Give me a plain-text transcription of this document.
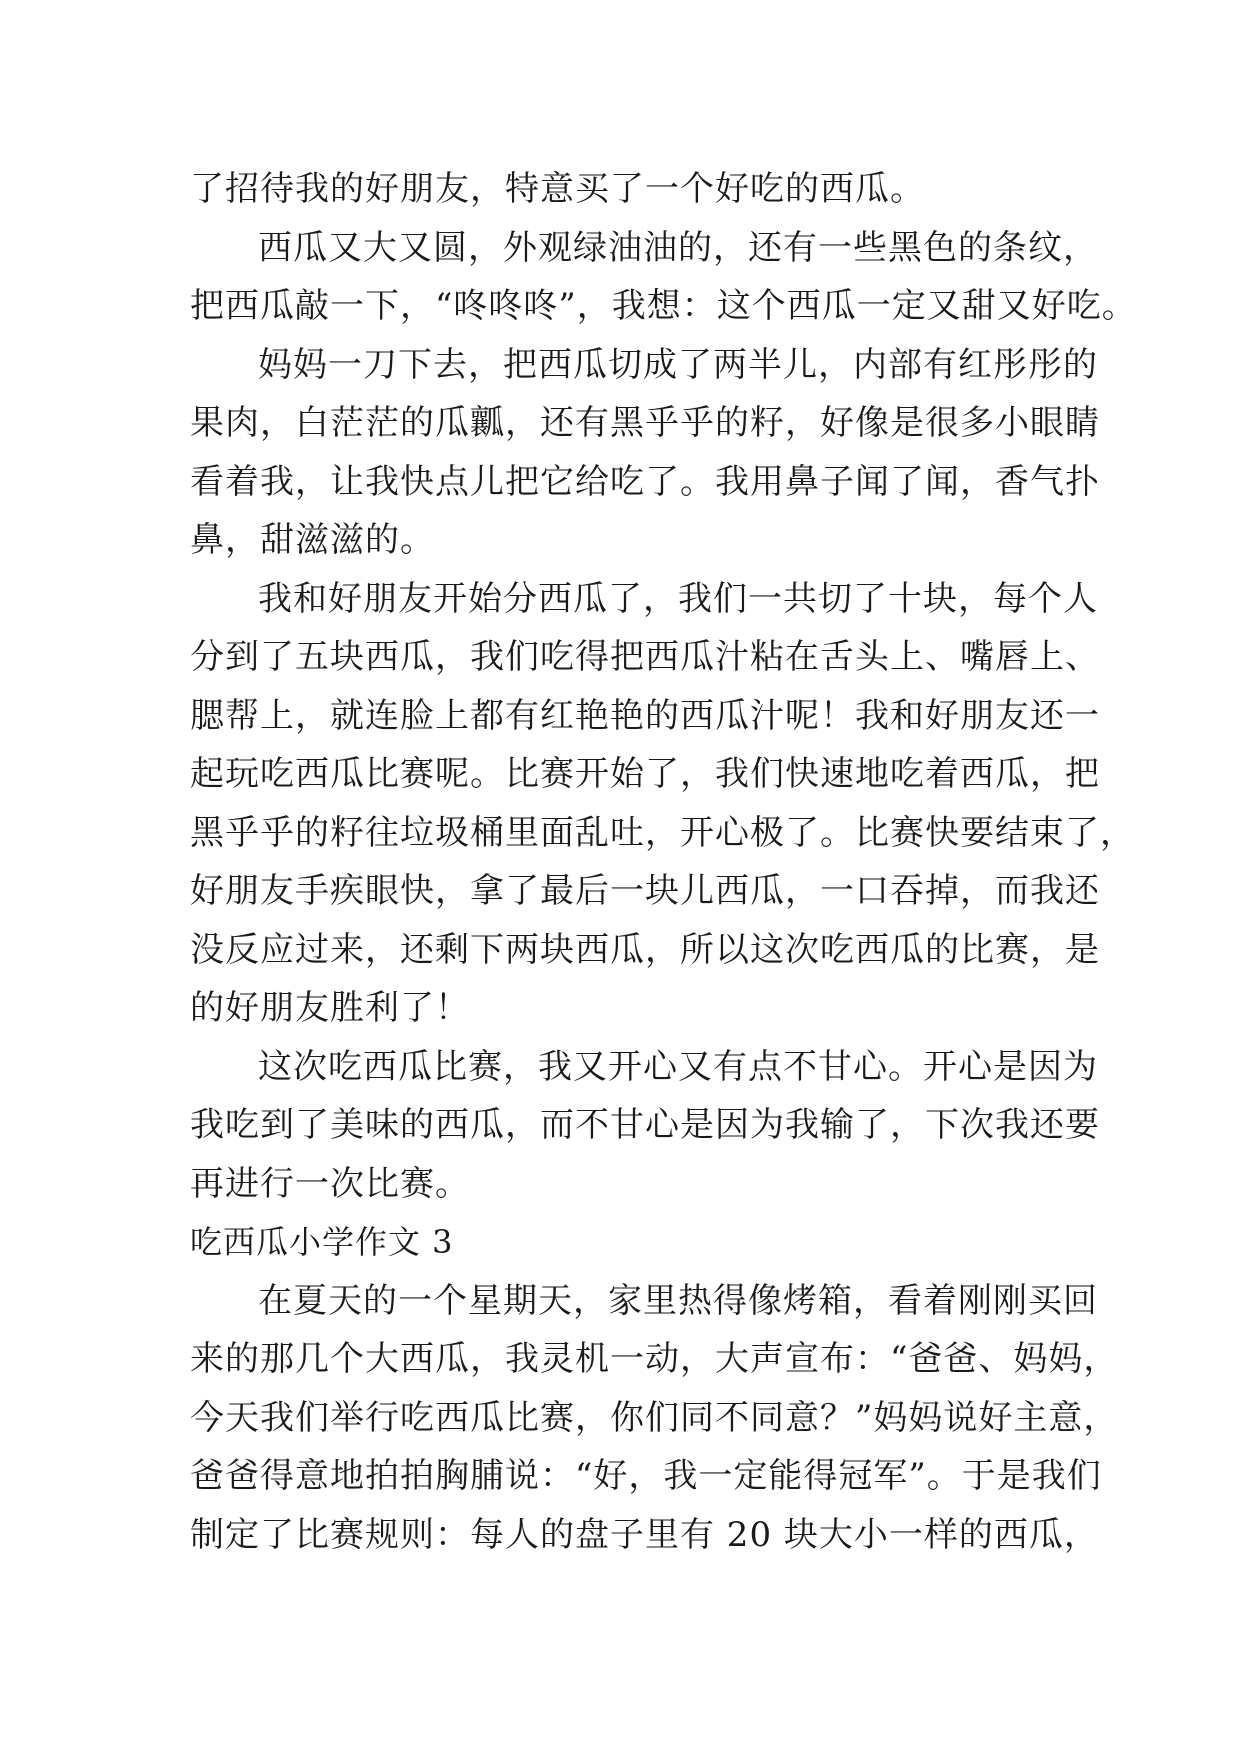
了招待我的好朋友，特意买了一个好吃的西瓜。
西瓜又大又圆，外观绿油油的，还有一些黑色的条纹，
把西瓜敲一下，“咚咚咚”，我想：这个西瓜一定又甜又好吃。
妈妈一刀下去，把西瓜切成了两半儿，内部有红彤彤的
果肉，白茫茫的瓜瓤，还有黑乎乎的籽，好像是很多小眼睛
看着我，让我快点儿把它给吃了。我用鼻子闻了闻，香气扑
鼻，甜滋滋的。
我和好朋友开始分西瓜了，我们一共切了十块，每个人
分到了五块西瓜，我们吃得把西瓜汁粘在舌头上、嘴唇上、
腮帮上，就连脸上都有红艳艳的西瓜汁呢！我和好朋友还一
起玩吃西瓜比赛呢。比赛开始了，我们快速地吃着西瓜，把
黑乎乎的籽往垃圾桶里面乱吐，开心极了。比赛快要结束了，
好朋友手疾眼快，拿了最后一块儿西瓜，一口吞掉，而我还
没反应过来，还剩下两块西瓜，所以这次吃西瓜的比赛，是
的好朋友胜利了！
这次吃西瓜比赛，我又开心又有点不甘心。开心是因为
我吃到了美味的西瓜，而不甘心是因为我输了，下次我还要
再进行一次比赛。
吃西瓜小学作文 3
在夏天的一个星期天，家里热得像烤箱，看着刚刚买回
来的那几个大西瓜，我灵机一动，大声宣布：“爸爸、妈妈，
今天我们举行吃西瓜比赛，你们同不同意？”妈妈说好主意，
爸爸得意地拍拍胸脯说：“好，我一定能得冠军”。于是我们
制定了比赛规则：每人的盘子里有 20 块大小一样的西瓜，
